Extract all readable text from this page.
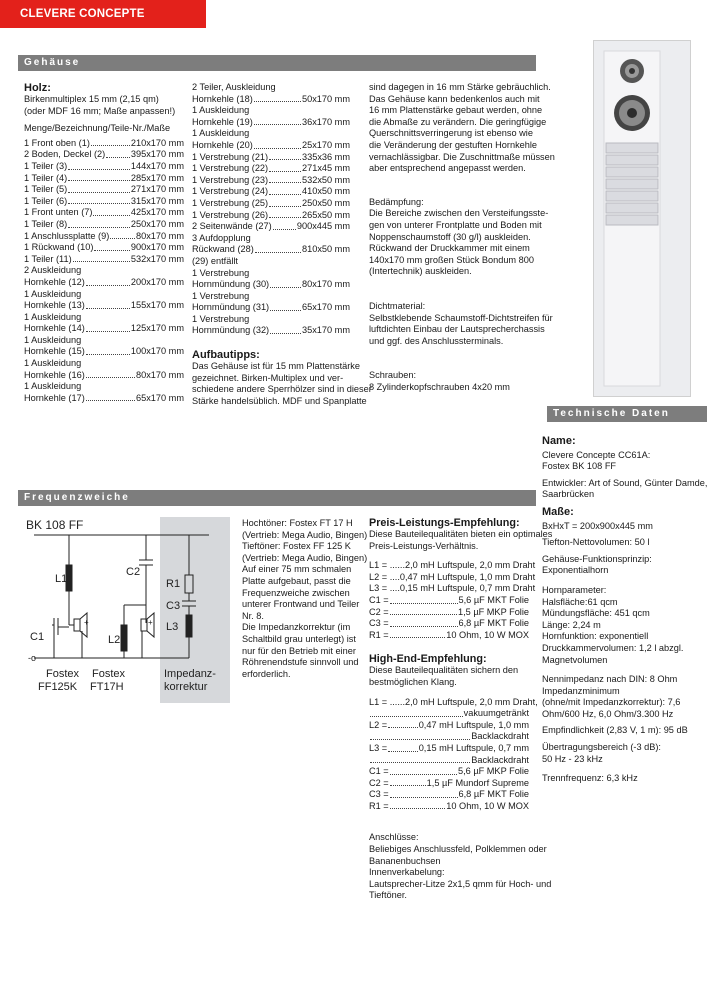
CLEVERE CONCEPTE
Gehäuse
Frequenzweiche
Technische Daten
Holz:
Birkenmultiplex 15 mm (2,15 qm)
(oder MDF 16 mm; Maße anpassen!)
Menge/Bezeichnung/Teile-Nr./Maße
1 Front oben (1)	210x170 mm
2 Boden, Deckel (2)	395x170 mm
1 Teiler (3)	144x170 mm
1 Teiler (4)	285x170 mm
1 Teiler (5)	271x170 mm
1 Teiler (6)	315x170 mm
1 Front unten (7)	425x170 mm
1 Teiler (8)	250x170 mm
1 Anschlussplatte (9)	80x170 mm
1 Rückwand (10)	900x170 mm
1 Teiler (11)	532x170 mm
2 Auskleidung
Hornkehle (12)	200x170 mm
1 Auskleidung
Hornkehle (13)	155x170 mm
1 Auskleidung
Hornkehle (14)	125x170 mm
1 Auskleidung
Hornkehle (15)	100x170 mm
1 Auskleidung
Hornkehle (16)	80x170 mm
1 Auskleidung
Hornkehle (17)	65x170 mm
2 Teiler, Auskleidung
Hornkehle (18)	50x170 mm
1 Auskleidung
Hornkehle (19)	36x170 mm
1 Auskleidung
Hornkehle (20)	25x170 mm
1 Verstrebung (21)	335x36 mm
1 Verstrebung (22)	271x45 mm
1 Verstrebung (23)	532x50 mm
1 Verstrebung (24)	410x50 mm
1 Verstrebung (25)	250x50 mm
1 Verstrebung (26)	265x50 mm
2 Seitenwände (27)	900x445 mm
3 Aufdopplung
Rückwand (28)	810x50 mm
(29) entfällt
1 Verstrebung
Hornmündung (30)	80x170 mm
1 Verstrebung
Hornmündung (31)	65x170 mm
1 Verstrebung
Hornmündung (32)	35x170 mm
Aufbautipps:
Das Gehäuse ist für 15 mm Plattenstärke
gezeichnet. Birken-Multiplex und ver-
schiedene andere Sperrhölzer sind in dieser
Stärke handelsüblich. MDF und Spanplatte
sind dagegen in 16 mm Stärke gebräuchlich.
Das Gehäuse kann bedenkenlos auch mit
16 mm Plattenstärke gebaut werden, ohne
die Abmaße zu verändern. Die geringfügige
Querschnittsverringerung ist ebenso wie
die Veränderung der gestuften Hornkehle
vernachlässigbar. Die Zuschnittmaße müssen
aber entsprechend angepasst werden.
Bedämpfung:
Die Bereiche zwischen den Versteifungsste-
gen von unterer Frontplatte und Boden mit
Noppenschaumstoff (30 g/l) auskleiden.
Rückwand der Druckkammer mit einem
140x170 mm großen Stück Bondum 800
(Intertechnik) auskleiden.
Dichtmaterial:
Selbstklebende Schaumstoff-Dichtstreifen für
luftdichten Einbau der Lautsprecherchassis
und ggf. des Anschlussterminals.
Schrauben:
8 Zylinderkopfschrauben 4x20 mm
Name:
Clevere Concepte CC61A:
Fostex BK 108 FF
Entwickler: Art of Sound, Günter Damde,
Saarbrücken
Maße:
BxHxT = 200x900x445 mm
Tiefton-Nettovolumen: 50 l
Gehäuse-Funktionsprinzip:
Exponentialhorn
Hornparameter:
Halsfläche:61 qcm
Mündungsfläche: 451 qcm
Länge: 2,24 m
Hornfunktion: exponentiell
Druckkammervolumen: 1,2 l abzgl.
Magnetvolumen
Nennimpedanz nach DIN: 8 Ohm
Impedanzminimum
(ohne/mit Impedanzkorrektur): 7,6
Ohm/600 Hz, 6,0 Ohm/3.300 Hz
Empfindlichkeit (2,83 V, 1 m): 95 dB
Übertragungsbereich (-3 dB):
50 Hz - 23 kHz
Trennfrequenz: 6,3 kHz
BK 108 FF
L1
C2
R1
C3
L3
C1	L2
+	+
-o
Fostex
FF125K
Fostex
FT17H
Impedanz-
korrektur
Hochtöner: Fostex FT 17 H
(Vertrieb: Mega Audio, Bingen)
Tieftöner: Fostex FF 125 K
(Vertrieb: Mega Audio, Bingen)
Auf einer 75 mm schmalen
Platte aufgebaut, passt die
Frequenzweiche zwischen
unterer Frontwand und Teiler
Nr. 8.
Die Impedanzkorrektur (im
Schaltbild grau unterlegt) ist
nur für den Betrieb mit einer
Röhrenendstufe sinnvoll und
erforderlich.
Preis-Leistungs-Empfehlung:
Diese Bauteilequalitäten bieten ein optimales
Preis-Leistungs-Verhältnis.
L1 = ......2,0 mH Luftspule, 2,0 mm Draht
L2 = ....0,47 mH Luftspule, 1,0 mm Draht
L3 = ....0,15 mH Luftspule, 0,7 mm Draht
C1 =	5,6 µF MKT Folie
C2 =	1,5 µF MKP Folie
C3 =	6,8 µF MKT Folie
R1 =	10 Ohm, 10 W MOX
High-End-Empfehlung:
Diese Bauteilequalitäten sichern den
bestmöglichen Klang.
L1 = ......2,0 mH Luftspule, 2,0 mm Draht,
vakuumgetränkt
L2 =	0,47 mH Luftspule, 1,0 mm
Backlackdraht
L3 =	0,15 mH Luftspule, 0,7 mm
Backlackdraht
C1 =	5,6 µF MKP Folie
C2 =	1,5 µF Mundorf Supreme
C3 =	6,8 µF MKT Folie
R1 =	10 Ohm, 10 W MOX
Anschlüsse:
Beliebiges Anschlussfeld, Polklemmen oder
Bananenbuchsen
Innenverkabelung:
Lautsprecher-Litze 2x1,5 qmm für Hoch- und
Tieftöner.
